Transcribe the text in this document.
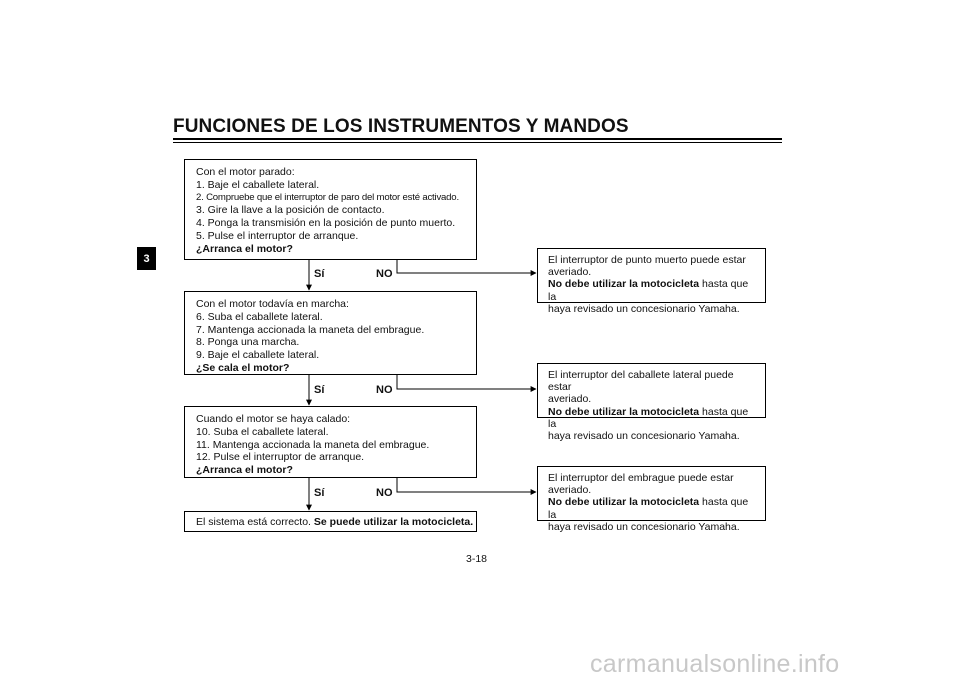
FUNCIONES DE LOS INSTRUMENTOS Y MANDOS
3
Con el motor parado:
1. Baje el caballete lateral.
2. Compruebe que el interruptor de paro del motor esté activado.
3. Gire la llave a la posición de contacto.
4. Ponga la transmisión en la posición de punto muerto.
5. Pulse el interruptor de arranque.
¿Arranca el motor?
Sí	NO
Con el motor todavía en marcha:
6. Suba el caballete lateral.
7. Mantenga accionada la maneta del embrague.
8. Ponga una marcha.
9. Baje el caballete lateral.
¿Se cala el motor?
Sí	NO
Cuando el motor se haya calado:
10. Suba el caballete lateral.
11. Mantenga accionada la maneta del embrague.
12. Pulse el interruptor de arranque.
¿Arranca el motor?
Sí	NO
El sistema está correcto. Se puede utilizar la motocicleta.
El interruptor de punto muerto puede estar
averiado.
No debe utilizar la motocicleta hasta que la
haya revisado un concesionario Yamaha.
El interruptor del caballete lateral puede estar
averiado.
No debe utilizar la motocicleta hasta que la
haya revisado un concesionario Yamaha.
El interruptor del embrague puede estar
averiado.
No debe utilizar la motocicleta hasta que la
haya revisado un concesionario Yamaha.
3-18
carmanualsonline.info
